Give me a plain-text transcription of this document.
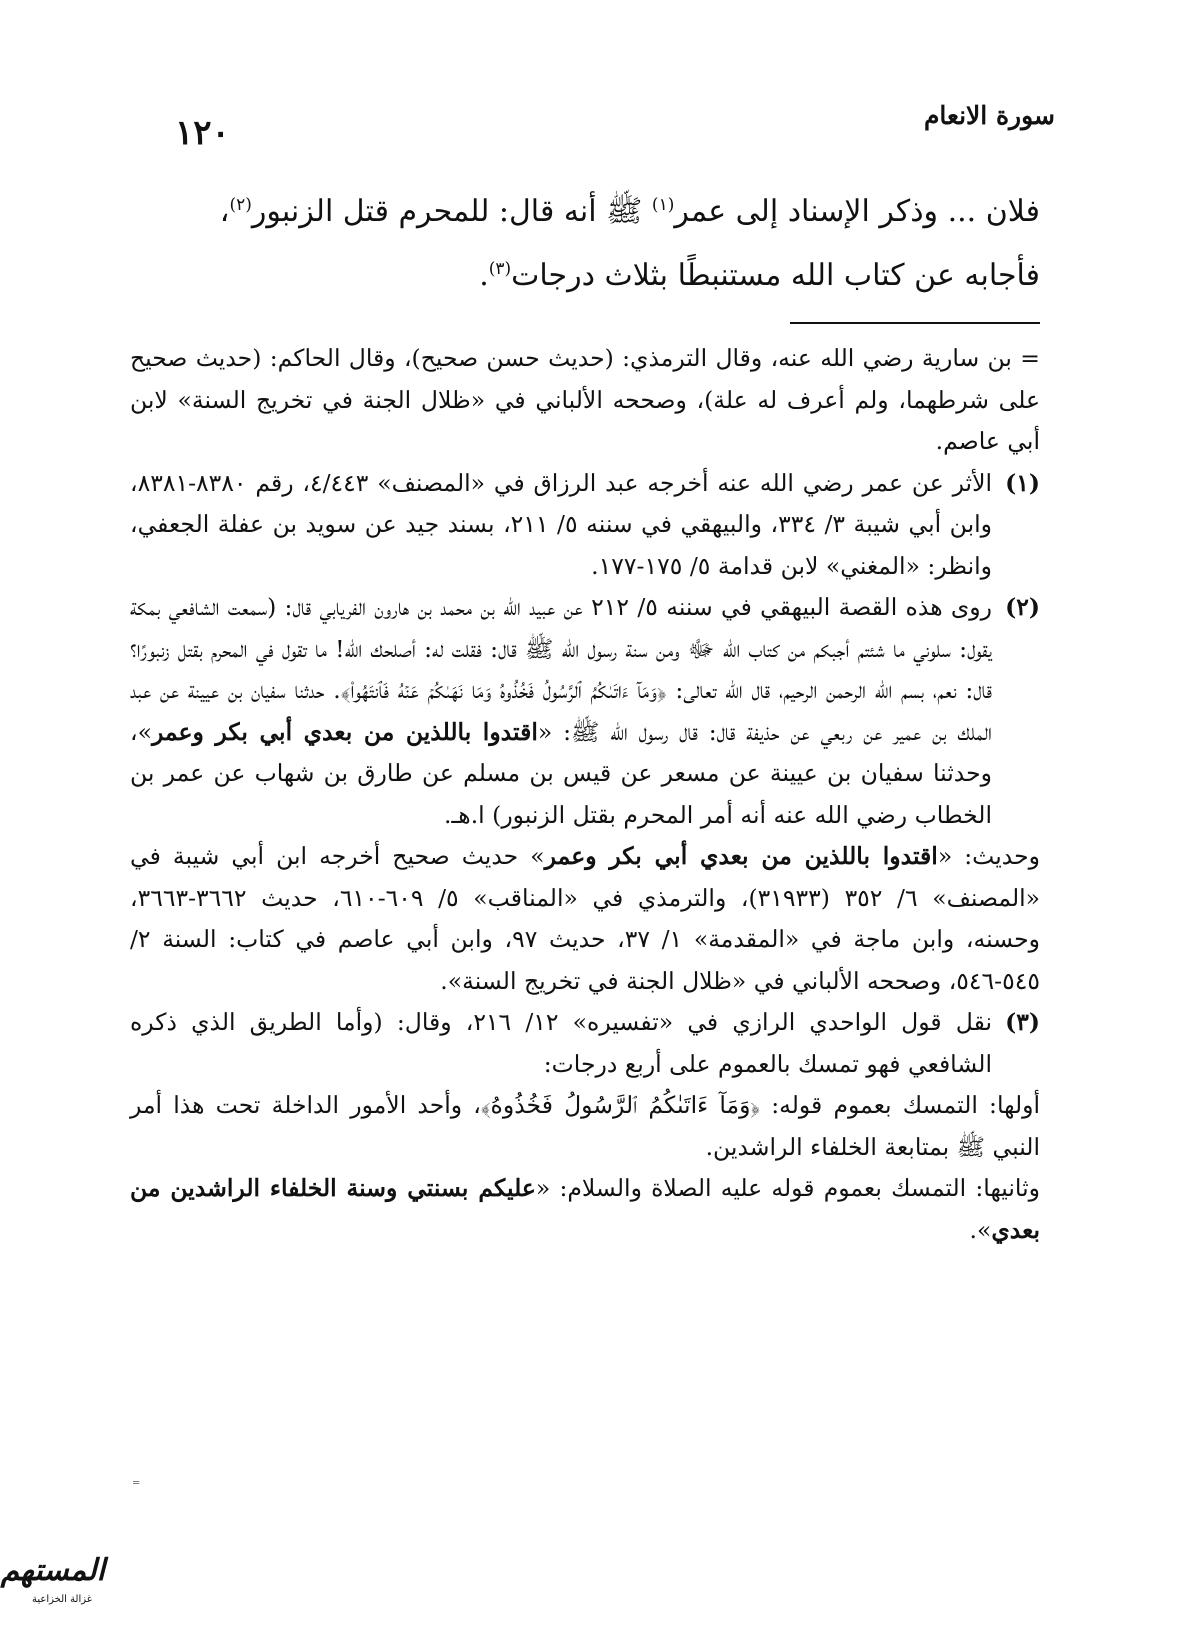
سورة الانعام
١٢٠

فلان ... وذكر الإسناد إلى عمر$^{(١)}$ ﷺ أنه قال: للمحرم قتل الزنبور$^{(٢)}$،

فأجابه عن كتاب الله مستنبطًا بثلاث درجات$^{(٣)}$.

= بن سارية رضي الله عنه، وقال الترمذي: (حديث حسن صحيح)، وقال الحاكم: (حديث صحيح على شرطهما، ولم أعرف له علة)، وصححه الألباني في «ظلال الجنة في تخريج السنة» لابن أبي عاصم.

(١)

الأثر عن عمر رضي الله عنه أخرجه عبد الرزاق في «المصنف» ٤/٤٤٣، رقم ٨٣٨٠-٨٣٨١، وابن أبي شيبة ٣/ ٣٣٤، والبيهقي في سننه ٥/ ٢١١، بسند جيد عن سويد بن عفلة الجعفي، وانظر: «المغني» لابن قدامة ٥/ ١٧٥-١٧٧.

(٢)

روى هذه القصة البيهقي في سننه ٥/ ٢١٢ عن عبيد الله بن محمد بن هارون الفريابي قال: (سمعت الشافعي بمكة يقول: سلوني ما شئتم أجبكم من كتاب الله ﷻ ومن سنة رسول الله ﷺ قال: فقلت له: أصلحك الله! ما تقول في المحرم بقتل زنبورًا؟ قال: نعم، بسم الله الرحمن الرحيم، قال الله تعالى: ﴿وَمَآ ءَاتَىٰكُمُ ٱلرَّسُولُ فَخُذُوهُ وَمَا نَهَىٰكُمۡ عَنۡهُ فَٱنتَهُواْ﴾. حدثنا سفيان بن عيينة عن عبد الملك بن عمير عن ربعي عن حذيفة قال: قال رسول الله ﷺ: «اقتدوا باللذين من بعدي أبي بكر وعمر»، وحدثنا سفيان بن عيينة عن مسعر عن قيس بن مسلم عن طارق بن شهاب عن عمر بن الخطاب رضي الله عنه أنه أمر المحرم بقتل الزنبور) ا.هـ.

وحديث: «اقتدوا باللذين من بعدي أبي بكر وعمر» حديث صحيح أخرجه ابن أبي شيبة في «المصنف» ٦/ ٣٥٢ (٣١٩٣٣)، والترمذي في «المناقب» ٥/ ٦٠٩-٦١٠، حديث ٣٦٦٢-٣٦٦٣، وحسنه، وابن ماجة في «المقدمة» ١/ ٣٧، حديث ٩٧، وابن أبي عاصم في كتاب: السنة ٢/ ٥٤٥-٥٤٦، وصححه الألباني في «ظلال الجنة في تخريج السنة».

(٣)

نقل قول الواحدي الرازي في «تفسيره» ١٢/ ٢١٦، وقال: (وأما الطريق الذي ذكره الشافعي فهو تمسك بالعموم على أربع درجات:

أولها: التمسك بعموم قوله: ﴿وَمَآ ءَاتَىٰكُمُ ٱلرَّسُولُ فَخُذُوهُ﴾، وأحد الأمور الداخلة تحت هذا أمر النبي ﷺ بمتابعة الخلفاء الراشدين.

وثانيها: التمسك بعموم قوله عليه الصلاة والسلام: «عليكم بسنتي وسنة الخلفاء الراشدين من بعدي».

=
المستهم
غزالة الخزاعية
